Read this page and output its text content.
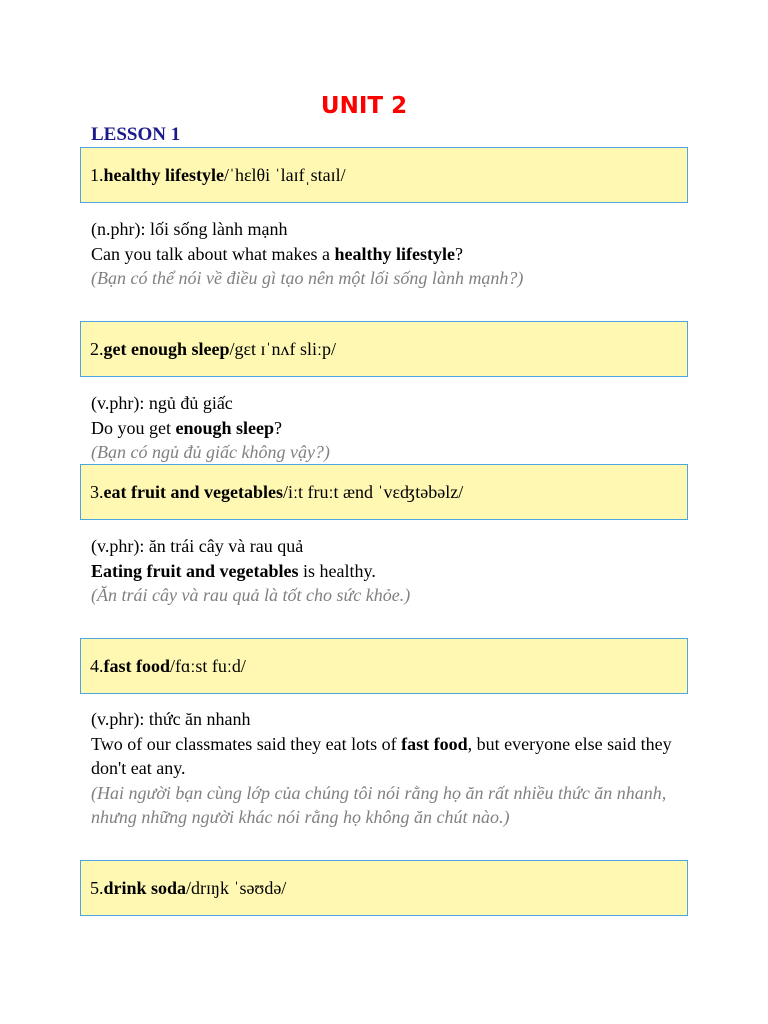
UNIT 2
LESSON 1
1. healthy lifestyle /ˈhɛlθi ˈlaɪfˌstaɪl/
(n.phr): lối sống lành mạnh
Can you talk about what makes a healthy lifestyle?
(Bạn có thể nói về điều gì tạo nên một lối sống lành mạnh?)
2. get enough sleep /gɛt ɪˈnʌf sliːp/
(v.phr): ngủ đủ giấc
Do you get enough sleep?
(Bạn có ngủ đủ giấc không vậy?)
3. eat fruit and vegetables /iːt fruːt ænd ˈvɛʤtəbəlz/
(v.phr): ăn trái cây và rau quả
Eating fruit and vegetables is healthy.
(Ăn trái cây và rau quả là tốt cho sức khỏe.)
4. fast food /fɑːst fuːd/
(v.phr): thức ăn nhanh
Two of our classmates said they eat lots of fast food, but everyone else said they don't eat any.
(Hai người bạn cùng lớp của chúng tôi nói rằng họ ăn rất nhiều thức ăn nhanh, nhưng những người khác nói rằng họ không ăn chút nào.)
5. drink soda /drɪŋk ˈsəʊdə/
